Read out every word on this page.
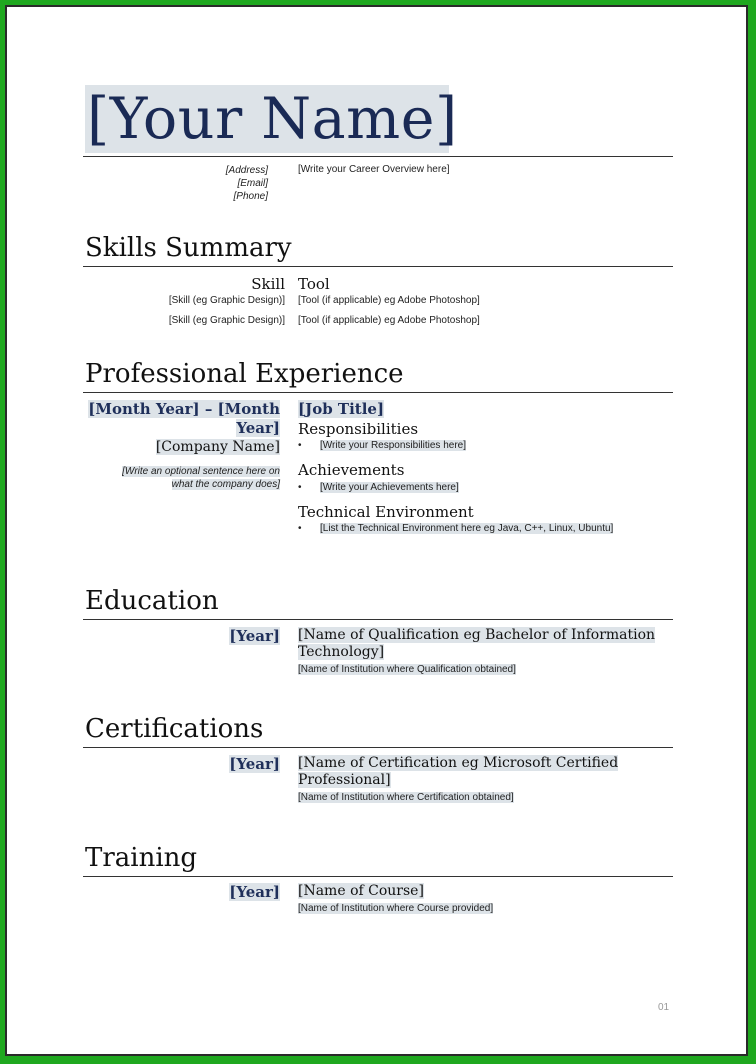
[Your Name]
[Address]
[Email]
[Phone]
[Write your Career Overview here]
Skills Summary
Skill Tool
[Skill (eg Graphic Design)] [Tool (if applicable) eg Adobe Photoshop]
[Skill (eg Graphic Design)] [Tool (if applicable) eg Adobe Photoshop]
Professional Experience
[Month Year] – [Month
Year]
[Company Name]
[Write an optional sentence here on
what the company does]
[Job Title]
Responsibilities
• [Write your Responsibilities here]
Achievements
• [Write your Achievements here]
Technical Environment
• [List the Technical Environment here eg Java, C++, Linux, Ubuntu]
Education
[Year] [Name of Qualification eg Bachelor of Information
Technology]
[Name of Institution where Qualification obtained]
Certifications
[Year] [Name of Certification eg Microsoft Certified
Professional]
[Name of Institution where Certification obtained]
Training
[Year] [Name of Course]
[Name of Institution where Course provided]
01
